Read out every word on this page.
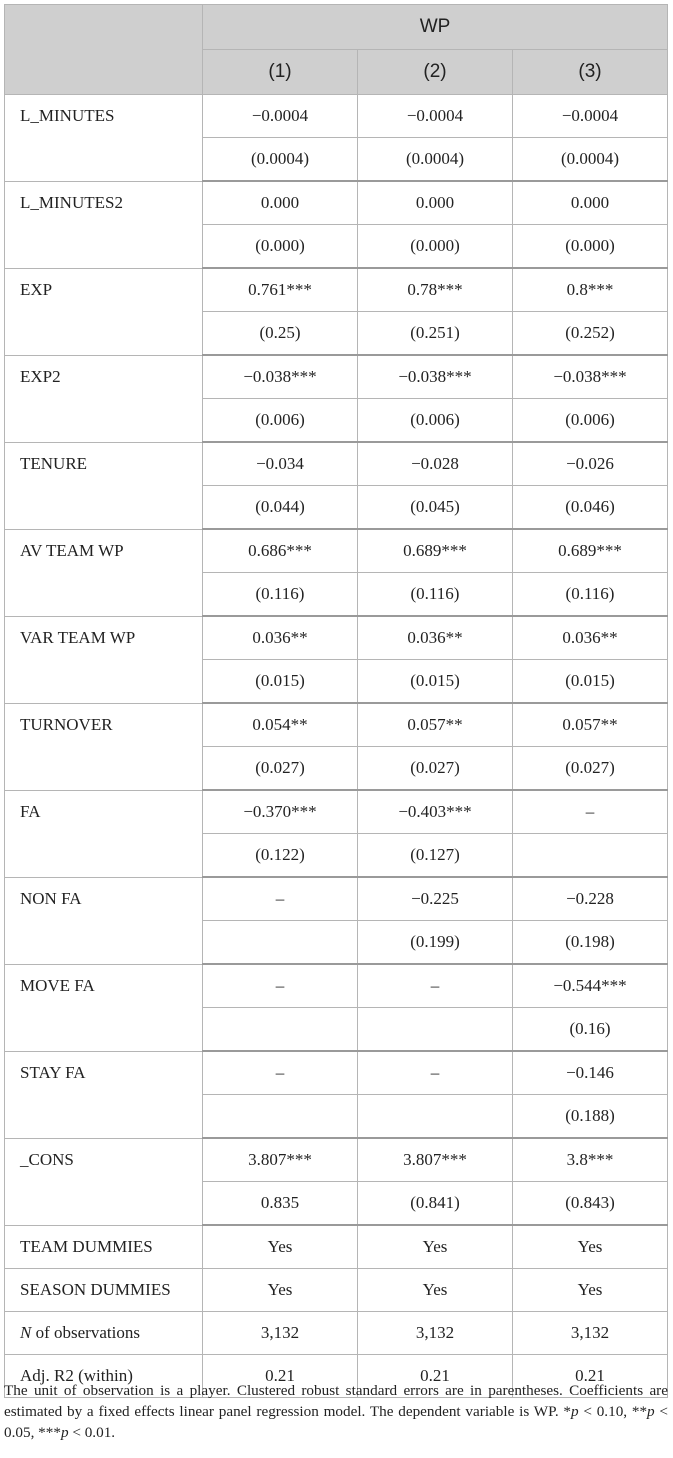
	WP		
	(1)	(2)	(3)
L_MINUTES	−0.0004	−0.0004	−0.0004
	(0.0004)	(0.0004)	(0.0004)
L_MINUTES2	0.000	0.000	0.000
	(0.000)	(0.000)	(0.000)
EXP	0.761***	0.78***	0.8***
	(0.25)	(0.251)	(0.252)
EXP2	−0.038***	−0.038***	−0.038***
	(0.006)	(0.006)	(0.006)
TENURE	−0.034	−0.028	−0.026
	(0.044)	(0.045)	(0.046)
AV TEAM WP	0.686***	0.689***	0.689***
	(0.116)	(0.116)	(0.116)
VAR TEAM WP	0.036**	0.036**	0.036**
	(0.015)	(0.015)	(0.015)
TURNOVER	0.054**	0.057**	0.057**
	(0.027)	(0.027)	(0.027)
FA	−0.370***	−0.403***	–
	(0.122)	(0.127)	
NON FA	–	−0.225	−0.228
		(0.199)	(0.198)
MOVE FA	–	–	−0.544***
			(0.16)
STAY FA	–	–	−0.146
			(0.188)
_CONS	3.807***	3.807***	3.8***
	0.835	(0.841)	(0.843)
TEAM DUMMIES	Yes	Yes	Yes
SEASON DUMMIES	Yes	Yes	Yes
N of observations	3,132	3,132	3,132
Adj. R2 (within)	0.21	0.21	0.21

The unit of observation is a player. Clustered robust standard errors are in parentheses. Coefficients are estimated by a fixed effects linear panel regression model. The dependent variable is WP. *p < 0.10, **p < 0.05, ***p < 0.01.
